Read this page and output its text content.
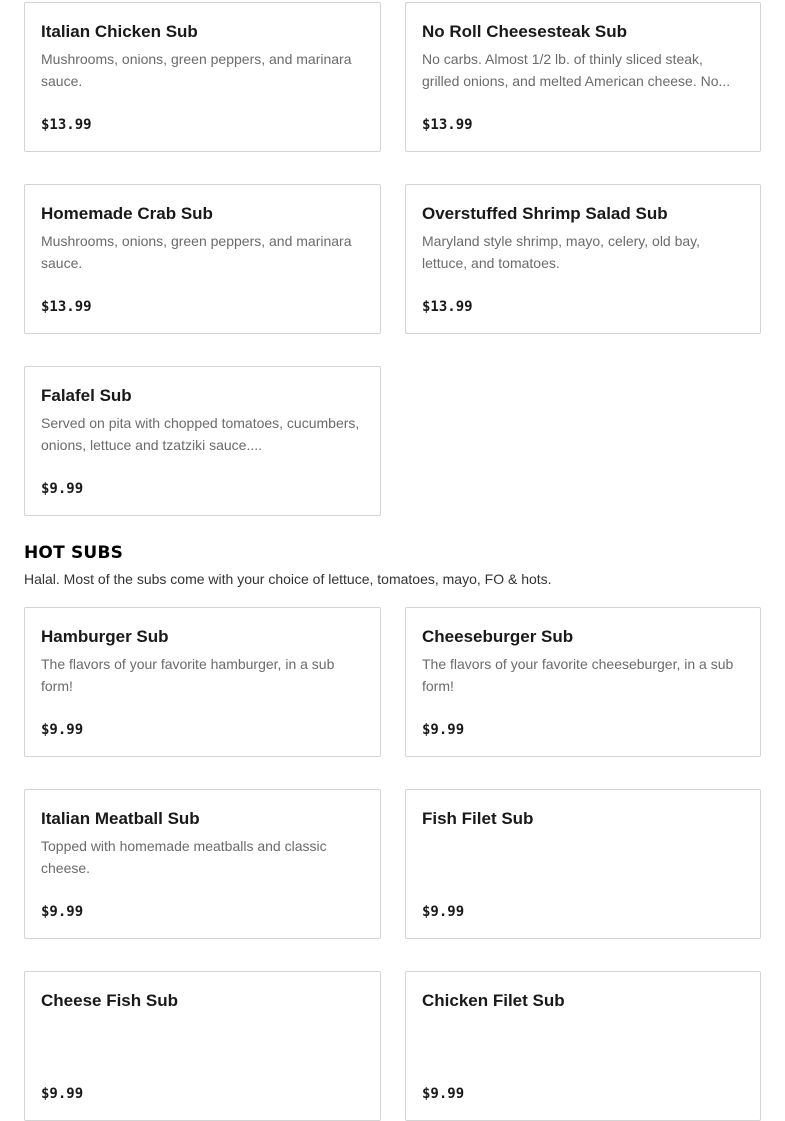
Italian Chicken Sub
Mushrooms, onions, green peppers, and marinara sauce.
$13.99
No Roll Cheesesteak Sub
No carbs. Almost 1/2 lb. of thinly sliced steak, grilled onions, and melted American cheese. No...
$13.99
Homemade Crab Sub
Mushrooms, onions, green peppers, and marinara sauce.
$13.99
Overstuffed Shrimp Salad Sub
Maryland style shrimp, mayo, celery, old bay, lettuce, and tomatoes.
$13.99
Falafel Sub
Served on pita with chopped tomatoes, cucumbers, onions, lettuce and tzatziki sauce....
$9.99
HOT SUBS
Halal. Most of the subs come with your choice of lettuce, tomatoes, mayo, FO & hots.
Hamburger Sub
The flavors of your favorite hamburger, in a sub form!
$9.99
Cheeseburger Sub
The flavors of your favorite cheeseburger, in a sub form!
$9.99
Italian Meatball Sub
Topped with homemade meatballs and classic cheese.
$9.99
Fish Filet Sub
$9.99
Cheese Fish Sub
$9.99
Chicken Filet Sub
$9.99
